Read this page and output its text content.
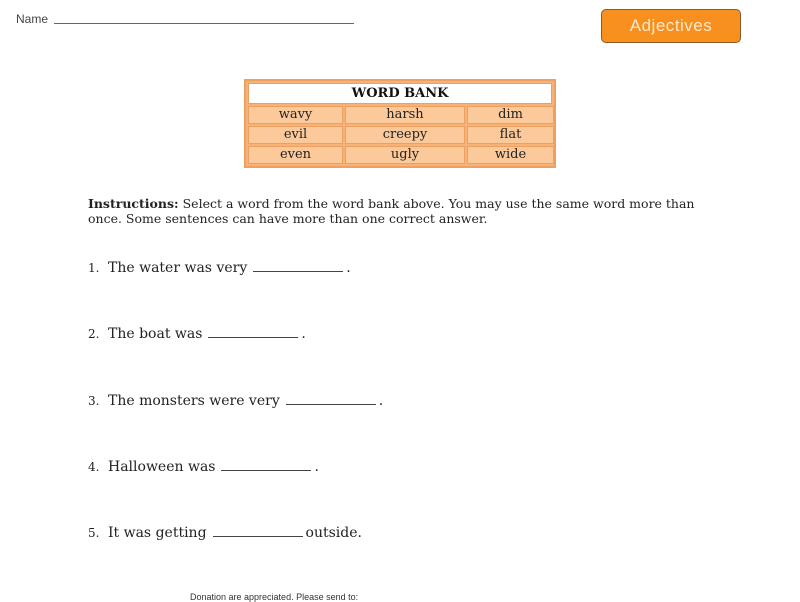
Name	Adjectives
WORD BANK
wavy	harsh	dim
evil	creepy	flat
even	ugly	wide
Instructions: Select a word from the word bank above. You may use the same word more than once. Some sentences can have more than one correct answer.
1. The water was very	.
2. The boat was	.
3. The monsters were very	.
4. Halloween was	.
5. It was getting	outside.
Donation are appreciated. Please send to:
